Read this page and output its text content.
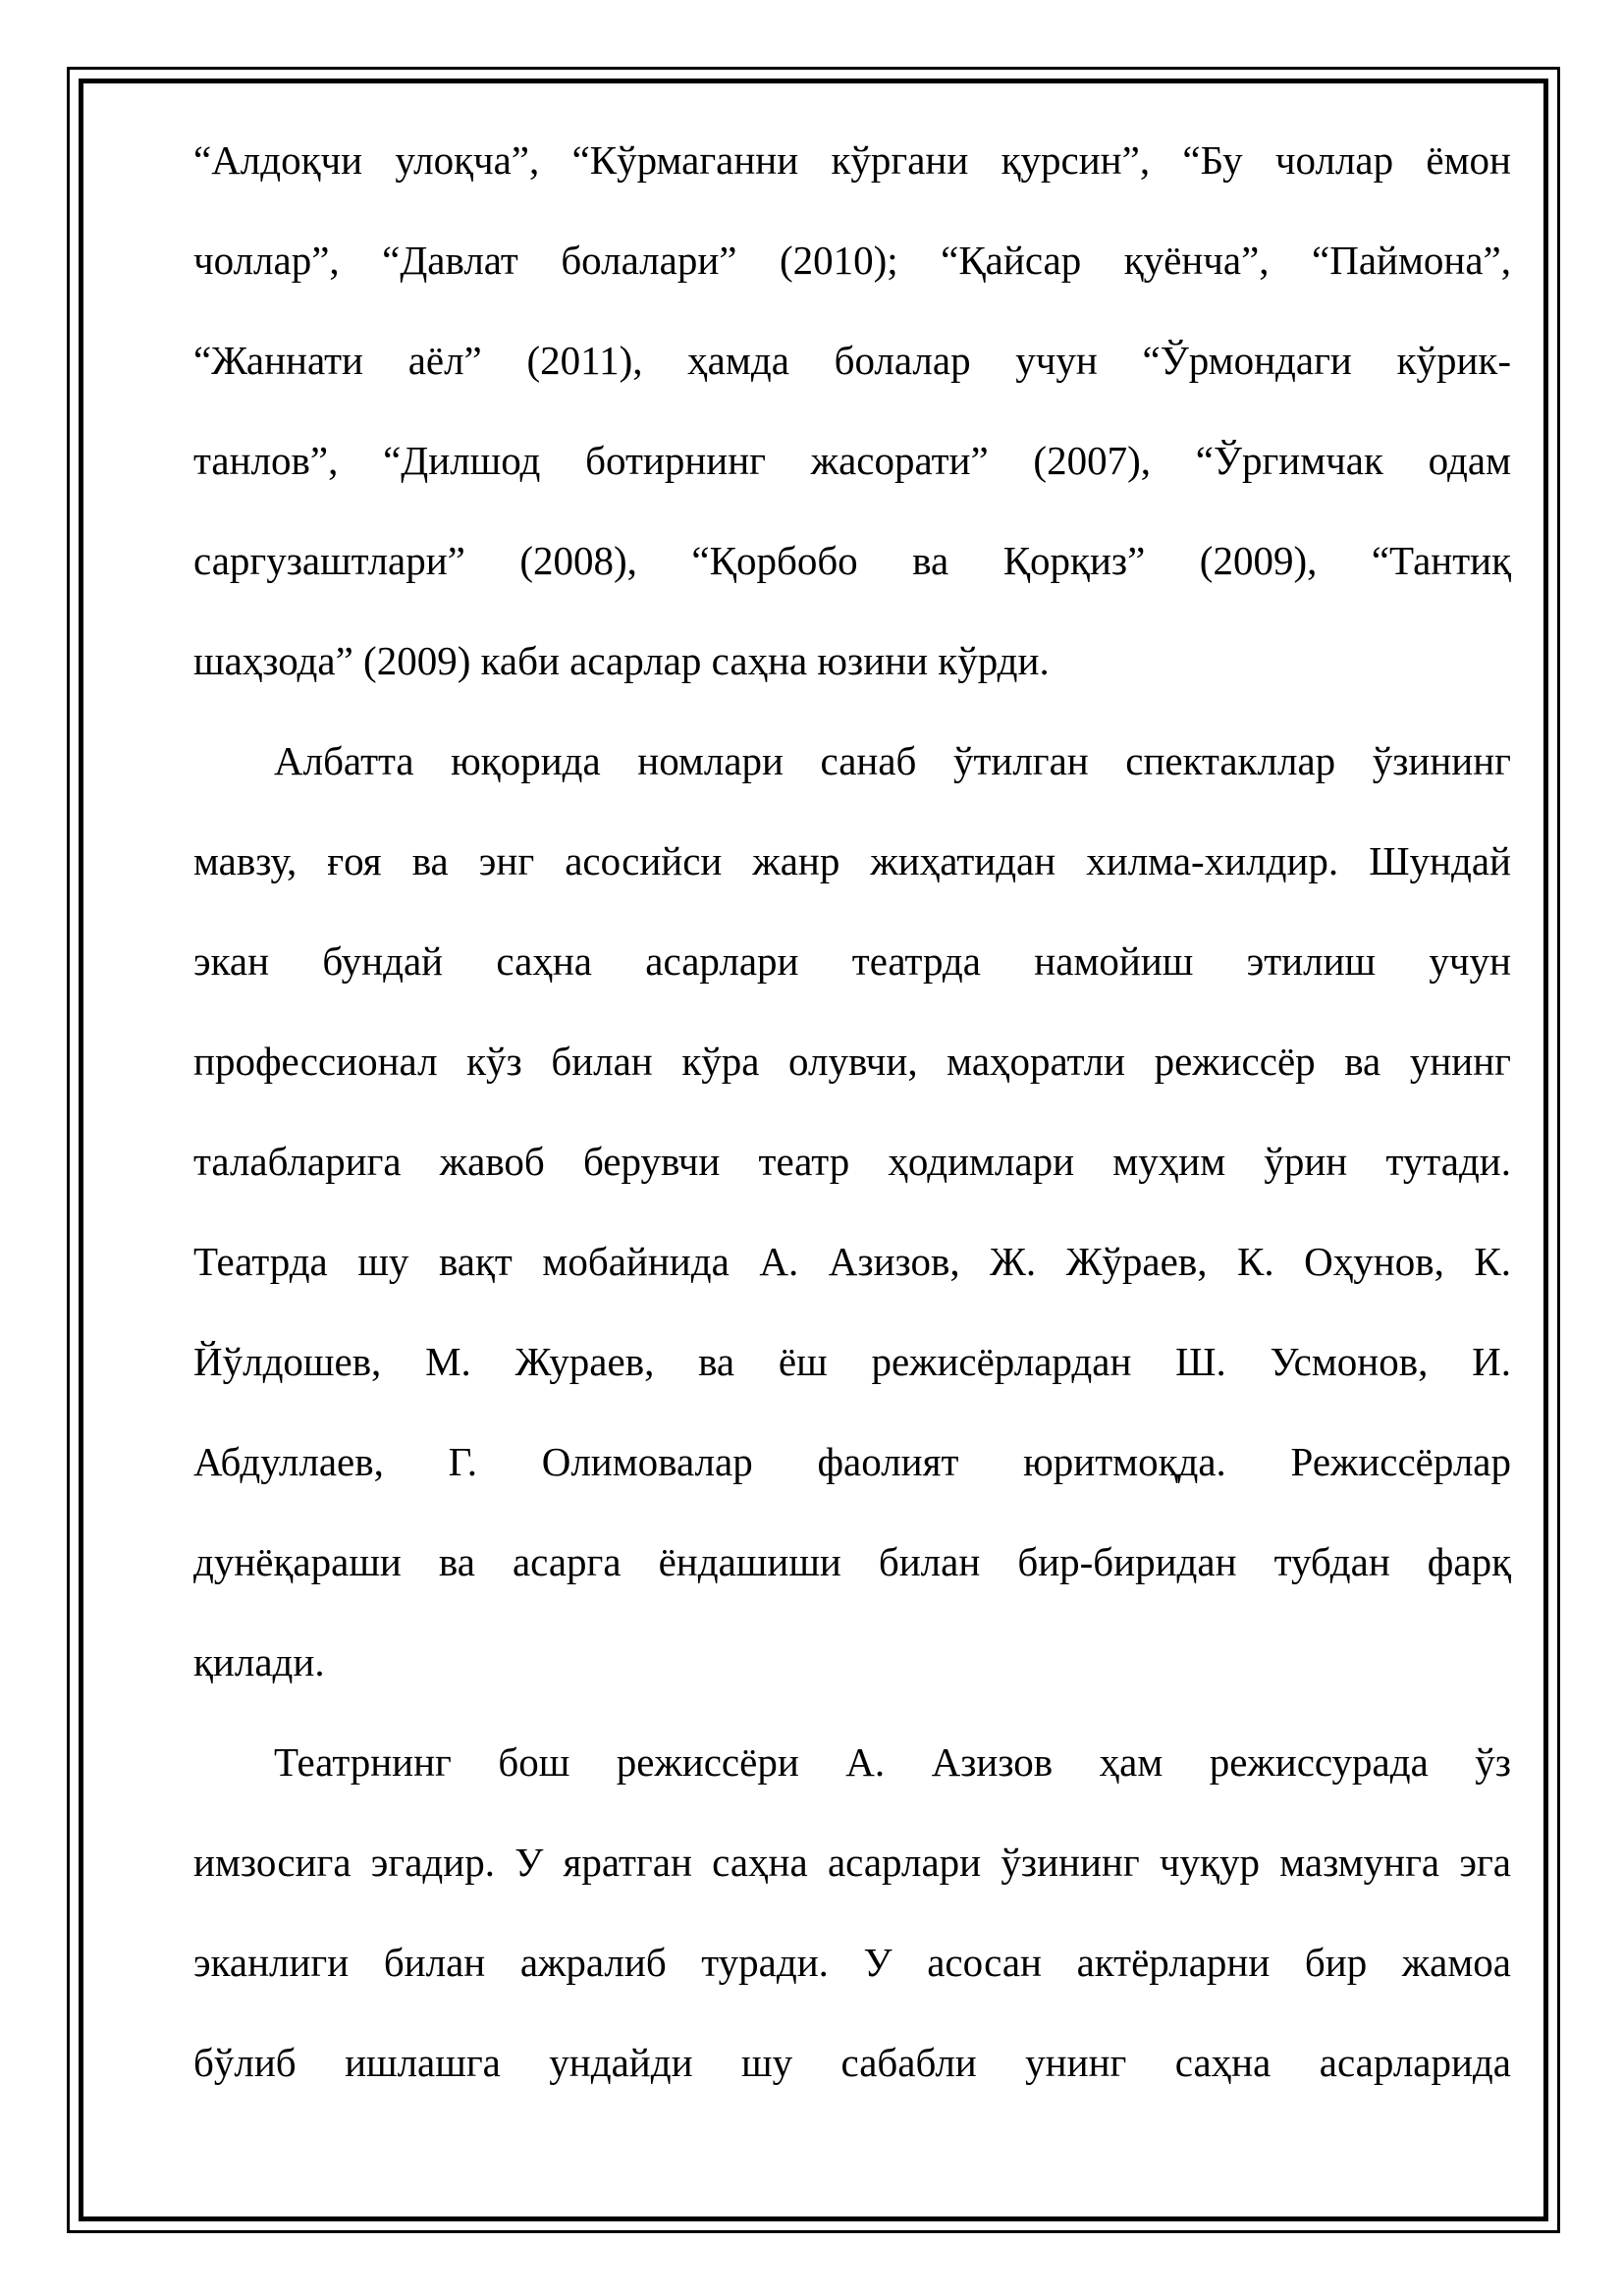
“Алдоқчи улоқча”, “Кўрмаганни кўргани қурсин”, “Бу чоллар ёмон
чоллар”, “Давлат болалари” (2010); “Қайсар қуёнча”, “Паймона”,
“Жаннати аёл” (2011), ҳамда болалар учун “Ўрмондаги кўрик-
танлов”, “Дилшод ботирнинг жасорати” (2007), “Ўргимчак одам
саргузаштлари” (2008), “Қорбобо ва Қорқиз” (2009), “Тантиқ
шаҳзода” (2009) каби асарлар саҳна юзини кўрди.
Албатта юқорида номлари санаб ўтилган спектакллар ўзининг
мавзу, ғоя ва энг асосийси жанр жиҳатидан хилма-хилдир. Шундай
экан бундай саҳна асарлари театрда намойиш этилиш учун
профессионал кўз билан кўра олувчи, маҳоратли режиссёр ва унинг
талабларига жавоб берувчи театр ҳодимлари муҳим ўрин тутади.
Театрда шу вақт мобайнида А. Азизов, Ж. Жўраев, К. Оҳунов, К.
Йўлдошев, М. Жураев, ва ёш режисёрлардан Ш. Усмонов, И.
Абдуллаев, Г. Олимовалар фаолият юритмоқда. Режиссёрлар
дунёқараши ва асарга ёндашиши билан бир-биридан тубдан фарқ
қилади.
Театрнинг бош режиссёри А. Азизов ҳам режиссурада ўз
имзосига эгадир. У яратган саҳна асарлари ўзининг чуқур мазмунга эга
эканлиги билан ажралиб туради. У асосан актёрларни бир жамоа
бўлиб ишлашга ундайди шу сабабли унинг саҳна асарларида
